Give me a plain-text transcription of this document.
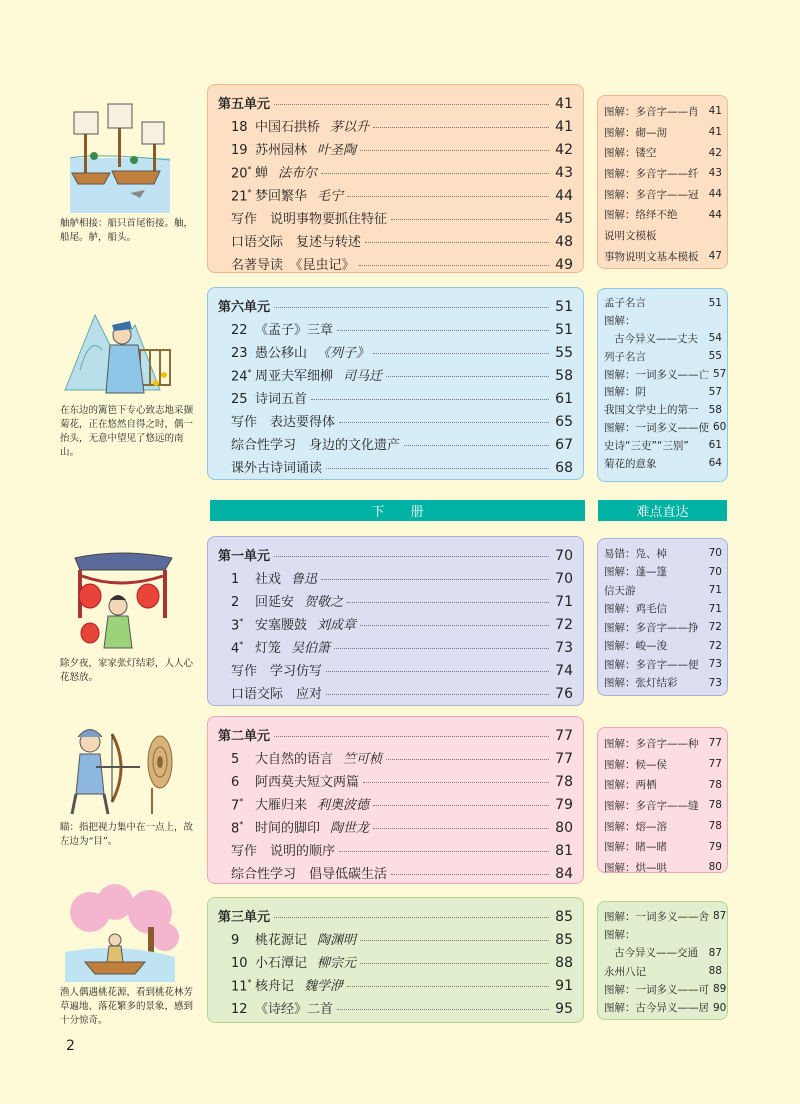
舳舻相接：船只首尾衔接。舳，船尾。舻，船头。
在东边的篱笆下专心致志地采撷菊花，正在悠然自得之时，偶一抬头，无意中望见了悠远的南山。
除夕夜，家家张灯结彩，人人心花怒放。
瞄：指把视力集中在一点上，故左边为“目”。
渔人偶遇桃花源，看到桃花林芳草遍地、落花繁多的景象，感到十分惊奇。
第五单元	41
18 中国石拱桥 茅以升	41
19 苏州园林 叶圣陶	42
20* 蝉 法布尔	43
21* 梦回繁华 毛宁	44
写作　说明事物要抓住特征	45
口语交际　复述与转述	48
名著导读　《昆虫记》	49
图解：多音字——肖 41
图解：砌—沏	41
图解：镂空	42
图解：多音字——纤 43
图解：多音字——冠 44
图解：络绎不绝	44
说明文模板
事物说明文基本模板 47
第六单元	51
22 《孟子》三章	51
23 愚公移山 《列子》	55
24* 周亚夫军细柳 司马迁	58
25 诗词五首	61
写作　表达要得体	65
综合性学习　身边的文化遗产	67
课外古诗词诵读	68
孟子名言	51
图解：
古今异义——丈夫	54
列子名言	55
图解：一词多义——亡 57
图解：阴	57
我国文学史上的第一 58
图解：一词多义——使 60
史诗“三吏”“三别”	61
菊花的意象	64
下　　册	难点直达
第一单元	70
1	社戏 鲁迅	70
2	回延安 贺敬之	71
3* 安塞腰鼓 刘成章	72
4* 灯笼 吴伯箫	73
写作　学习仿写	74
口语交际　应对	76
易错：凫、棹	70
图解：蓬—篷	70
信天游	71
图解：鸡毛信	71
图解：多音字——挣 72
图解：峻—浚	72
图解：多音字——便 73
图解：张灯结彩	73
第二单元	77
5	大自然的语言 竺可桢	77
6	阿西莫夫短文两篇	78
7* 大雁归来 利奥波德	79
8* 时间的脚印 陶世龙	80
写作　说明的顺序	81
综合性学习　倡导低碳生活	84
图解：多音字——种 77
图解：候—侯	77
图解：两栖	78
图解：多音字——缝 78
图解：熔—溶	78
图解：睹—睹	79
图解：烘—哄	80
第三单元	85
9	桃花源记 陶渊明	85
10 小石潭记 柳宗元	88
11* 核舟记 魏学洢	91
12 《诗经》二首	95
图解：一词多义——舍 87
图解：
古今异义——交通	87
永州八记	88
图解：一词多义——可 89
图解：古今异义——居 90
2
